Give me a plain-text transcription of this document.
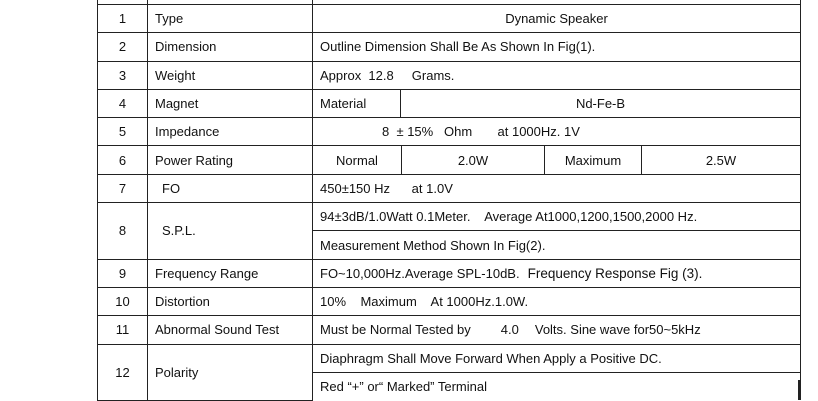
1	Type	Dynamic Speaker
2	Dimension	Outline Dimension Shall Be As Shown In Fig(1).
3	Weight	Approx  12.8     Grams.
4	Magnet		Material	Nd-Fe-B

5	Impedance	8  ± 15%   Ohm       at 1000Hz. 1V
6	Power Rating		Normal	2.0W	Maximum	2.5W

7	FO	450±150 Hz      at 1.0V
8	S.P.L.	94±3dB/1.0Watt 0.1Meter.    Average At1000,1200,1500,2000 Hz.
Measurement Method Shown In Fig(2).
9	Frequency Range	FO~10,000Hz.Average SPL-10dB. Frequency Response Fig (3).
10	Distortion	10%    Maximum    At 1000Hz.1.0W.
11	Abnormal Sound Test	Must be Normal Tested by 4.0 Volts. Sine wave for50~5kHz
12	Polarity	Diaphragm Shall Move Forward When Apply a Positive DC.
Red “+” or“ Marked” Terminal
